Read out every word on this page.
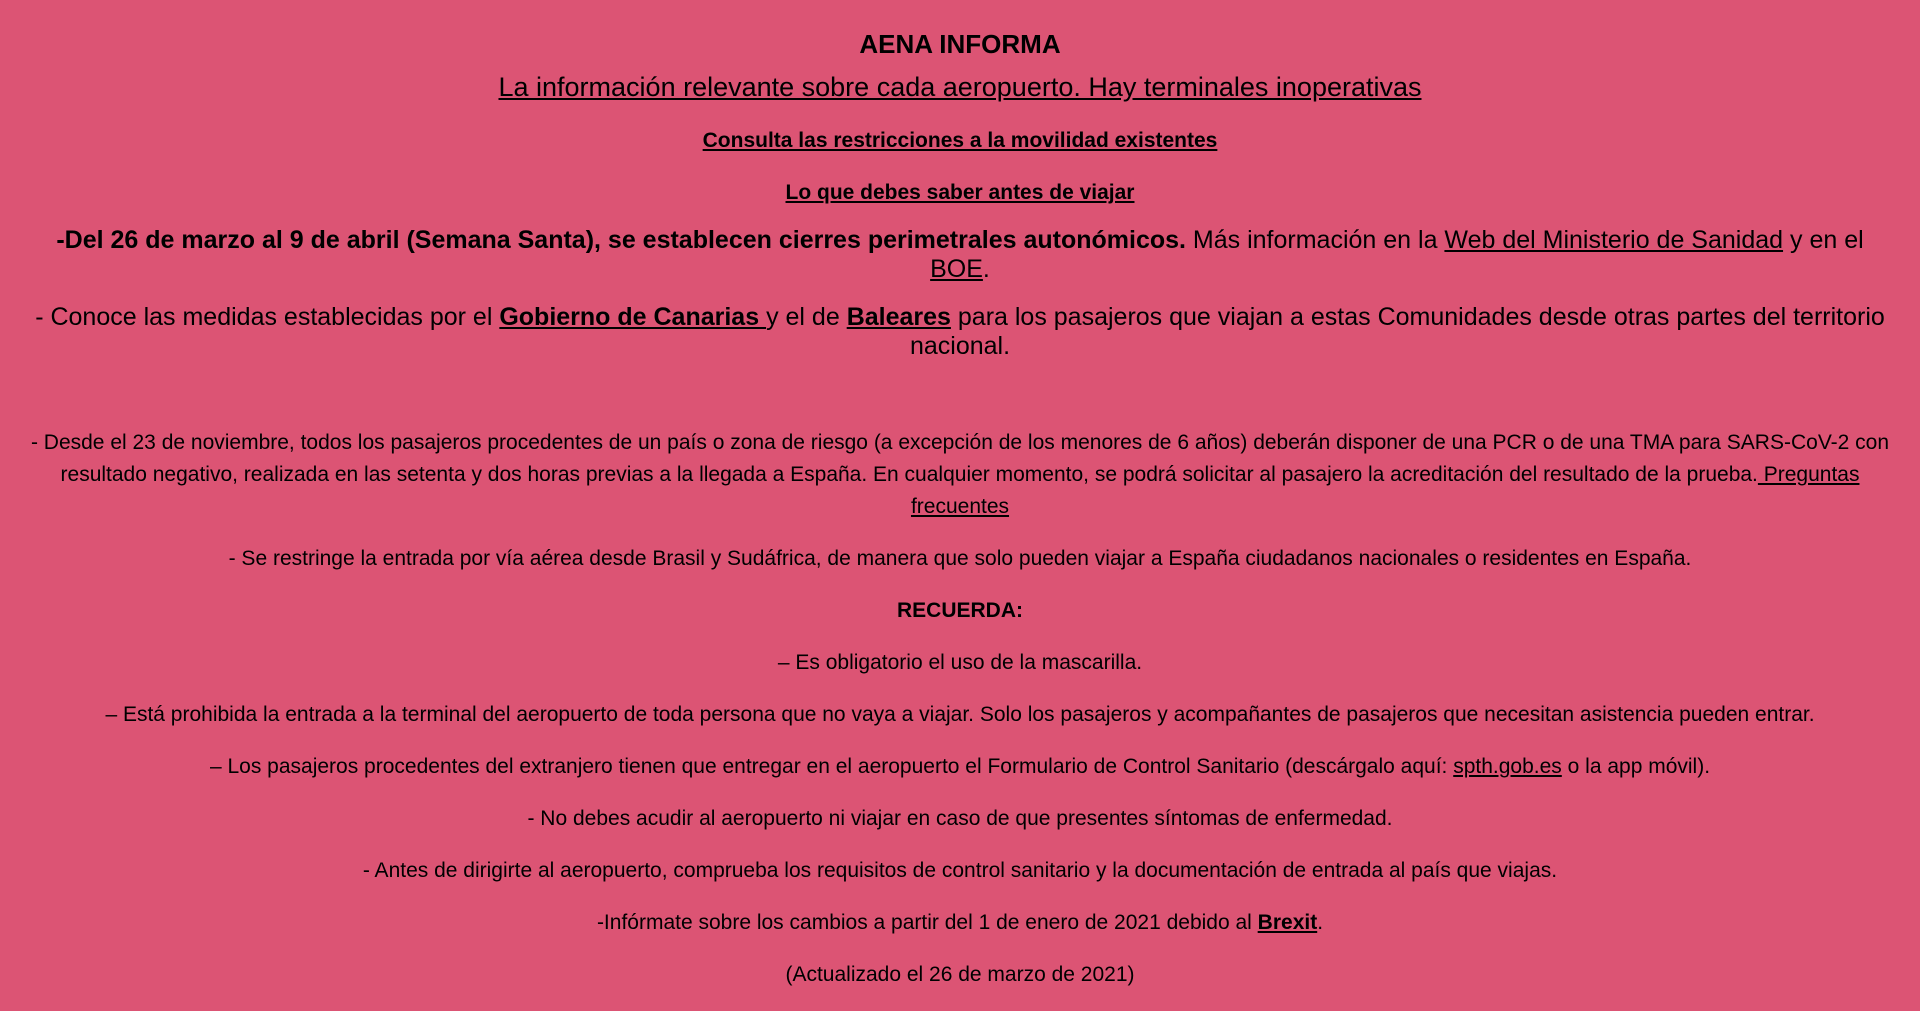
AENA INFORMA

La información relevante sobre cada aeropuerto. Hay terminales inoperativas

Consulta las restricciones a la movilidad existentes

Lo que debes saber antes de viajar

-Del 26 de marzo al 9 de abril (Semana Santa), se establecen cierres perimetrales autonómicos. Más información en la Web del Ministerio de Sanidad y en el BOE.

- Conoce las medidas establecidas por el Gobierno de Canarias y el de Baleares para los pasajeros que viajan a estas Comunidades desde otras partes del territorio nacional.

- Desde el 23 de noviembre, todos los pasajeros procedentes de un país o zona de riesgo (a excepción de los menores de 6 años) deberán disponer de una PCR o de una TMA para SARS-CoV-2 con resultado negativo, realizada en las setenta y dos horas previas a la llegada a España. En cualquier momento, se podrá solicitar al pasajero la acreditación del resultado de la prueba. Preguntas frecuentes

- Se restringe la entrada por vía aérea desde Brasil y Sudáfrica, de manera que solo pueden viajar a España ciudadanos nacionales o residentes en España.

RECUERDA:

– Es obligatorio el uso de la mascarilla.

– Está prohibida la entrada a la terminal del aeropuerto de toda persona que no vaya a viajar. Solo los pasajeros y acompañantes de pasajeros que necesitan asistencia pueden entrar.

– Los pasajeros procedentes del extranjero tienen que entregar en el aeropuerto el Formulario de Control Sanitario (descárgalo aquí: spth.gob.es o la app móvil).

- No debes acudir al aeropuerto ni viajar en caso de que presentes síntomas de enfermedad.

- Antes de dirigirte al aeropuerto, comprueba los requisitos de control sanitario y la documentación de entrada al país que viajas.

-Infórmate sobre los cambios a partir del 1 de enero de 2021 debido al Brexit.

(Actualizado el 26 de marzo de 2021)
